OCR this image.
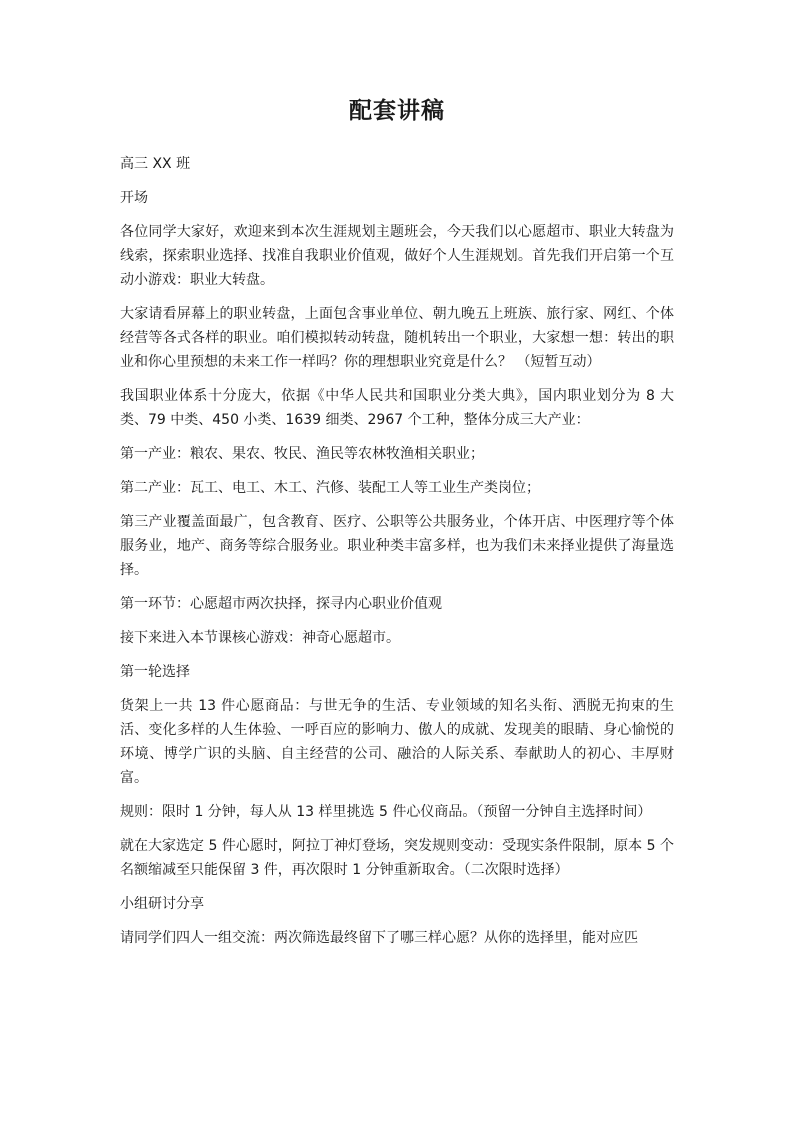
配套讲稿

高三 XX 班

开场

各位同学大家好，欢迎来到本次生涯规划主题班会，今天我们以心愿超市、职业大转盘为线索，探索职业选择、找准自我职业价值观，做好个人生涯规划。首先我们开启第一个互动小游戏：职业大转盘。

大家请看屏幕上的职业转盘，上面包含事业单位、朝九晚五上班族、旅行家、网红、个体经营等各式各样的职业。咱们模拟转动转盘，随机转出一个职业，大家想一想：转出的职业和你心里预想的未来工作一样吗？你的理想职业究竟是什么？ （短暂互动）

我国职业体系十分庞大，依据《中华人民共和国职业分类大典》，国内职业划分为 8 大类、79 中类、450 小类、1639 细类、2967 个工种，整体分成三大产业：

第一产业：粮农、果农、牧民、渔民等农林牧渔相关职业；

第二产业：瓦工、电工、木工、汽修、装配工人等工业生产类岗位；

第三产业覆盖面最广，包含教育、医疗、公职等公共服务业，个体开店、中医理疗等个体服务业，地产、商务等综合服务业。职业种类丰富多样，也为我们未来择业提供了海量选择。

第一环节：心愿超市两次抉择，探寻内心职业价值观

接下来进入本节课核心游戏：神奇心愿超市。

第一轮选择

货架上一共 13 件心愿商品：与世无争的生活、专业领域的知名头衔、洒脱无拘束的生活、变化多样的人生体验、一呼百应的影响力、傲人的成就、发现美的眼睛、身心愉悦的环境、博学广识的头脑、自主经营的公司、融洽的人际关系、奉献助人的初心、丰厚财富。

规则：限时 1 分钟，每人从 13 样里挑选 5 件心仪商品。（预留一分钟自主选择时间）

就在大家选定 5 件心愿时，阿拉丁神灯登场，突发规则变动：受现实条件限制，原本 5 个名额缩减至只能保留 3 件，再次限时 1 分钟重新取舍。（二次限时选择）

小组研讨分享

请同学们四人一组交流：两次筛选最终留下了哪三样心愿？从你的选择里，能对应匹
